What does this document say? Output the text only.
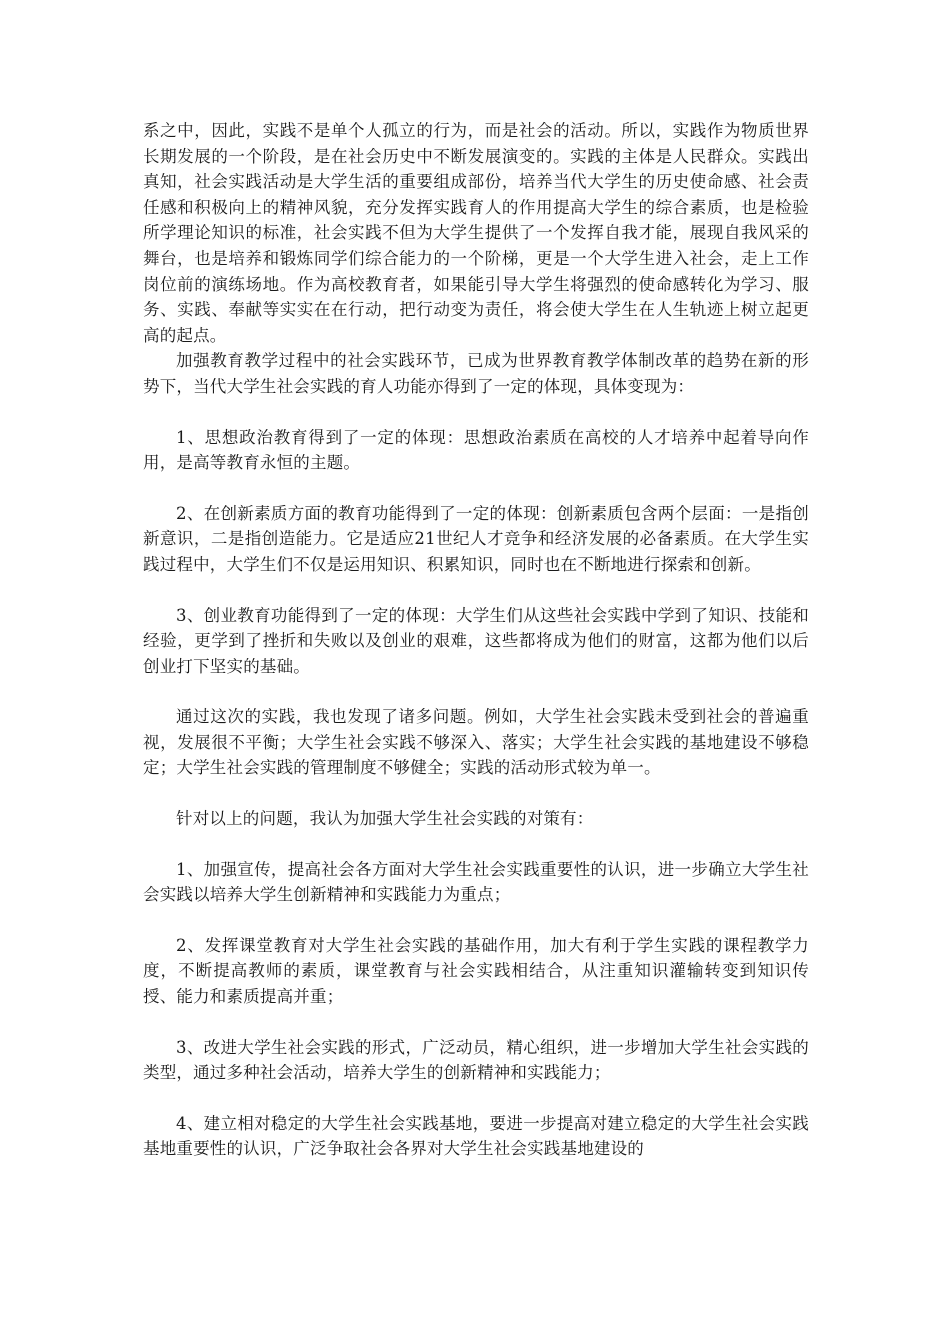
系之中，因此，实践不是单个人孤立的行为，而是社会的活动。所以，实践作为物质世界长期发展的一个阶段，是在社会历史中不断发展演变的。实践的主体是人民群众。实践出真知，社会实践活动是大学生活的重要组成部份，培养当代大学生的历史使命感、社会责任感和积极向上的精神风貌，充分发挥实践育人的作用提高大学生的综合素质，也是检验所学理论知识的标准，社会实践不但为大学生提供了一个发挥自我才能，展现自我风采的舞台，也是培养和锻炼同学们综合能力的一个阶梯，更是一个大学生进入社会，走上工作岗位前的演练场地。作为高校教育者，如果能引导大学生将强烈的使命感转化为学习、服务、实践、奉献等实实在在行动，把行动变为责任，将会使大学生在人生轨迹上树立起更高的起点。

加强教育教学过程中的社会实践环节，已成为世界教育教学体制改革的趋势在新的形势下，当代大学生社会实践的育人功能亦得到了一定的体现，具体变现为：

1、思想政治教育得到了一定的体现：思想政治素质在高校的人才培养中起着导向作用，是高等教育永恒的主题。

2、在创新素质方面的教育功能得到了一定的体现：创新素质包含两个层面：一是指创新意识，二是指创造能力。它是适应21世纪人才竞争和经济发展的必备素质。在大学生实践过程中，大学生们不仅是运用知识、积累知识，同时也在不断地进行探索和创新。

3、创业教育功能得到了一定的体现：大学生们从这些社会实践中学到了知识、技能和经验，更学到了挫折和失败以及创业的艰难，这些都将成为他们的财富，这都为他们以后创业打下坚实的基础。

通过这次的实践，我也发现了诸多问题。例如，大学生社会实践未受到社会的普遍重视，发展很不平衡；大学生社会实践不够深入、落实；大学生社会实践的基地建设不够稳定；大学生社会实践的管理制度不够健全；实践的活动形式较为单一。

针对以上的问题，我认为加强大学生社会实践的对策有：

1、加强宣传，提高社会各方面对大学生社会实践重要性的认识，进一步确立大学生社会实践以培养大学生创新精神和实践能力为重点；

2、发挥课堂教育对大学生社会实践的基础作用，加大有利于学生实践的课程教学力度，不断提高教师的素质，课堂教育与社会实践相结合，从注重知识灌输转变到知识传授、能力和素质提高并重；

3、改进大学生社会实践的形式，广泛动员，精心组织，进一步增加大学生社会实践的类型，通过多种社会活动，培养大学生的创新精神和实践能力；

4、建立相对稳定的大学生社会实践基地，要进一步提高对建立稳定的大学生社会实践基地重要性的认识，广泛争取社会各界对大学生社会实践基地建设的
